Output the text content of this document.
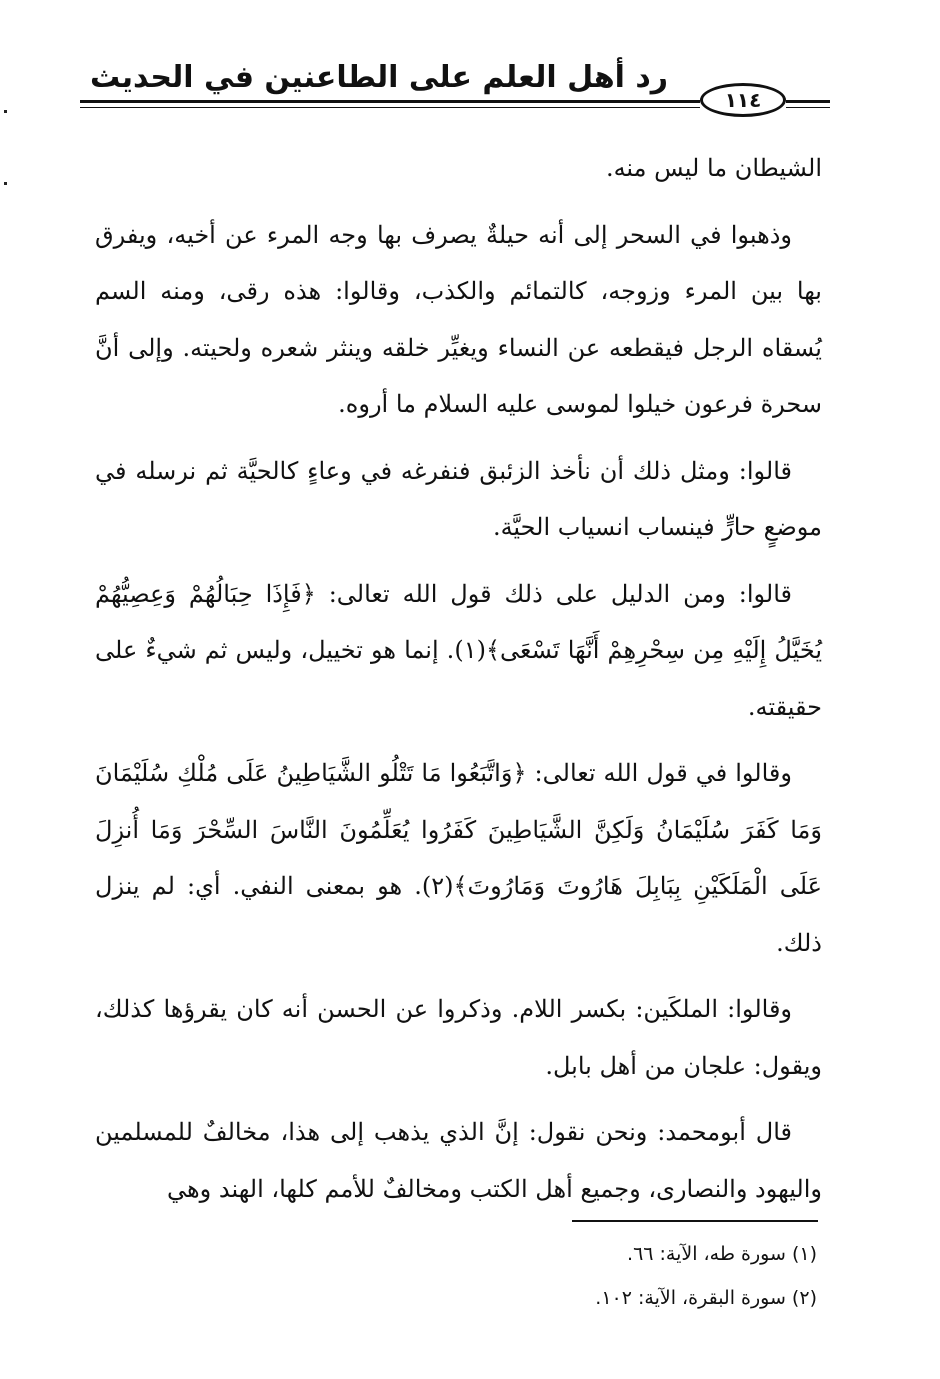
رد أهل العلم على الطاعنين في الحديث
١١٤

الشيطان ما ليس منه.

وذهبوا في السحر إلى أنه حيلةٌ يصرف بها وجه المرء عن أخيه، ويفرق بها بين المرء وزوجه، كالتمائم والكذب، وقالوا: هذه رقى، ومنه السم يُسقاه الرجل فيقطعه عن النساء ويغيِّر خلقه وينثر شعره ولحيته. وإلى أنَّ سحرة فرعون خيلوا لموسى عليه السلام ما أروه.

قالوا: ومثل ذلك أن نأخذ الزئبق فنفرغه في وعاءٍ كالحيَّة ثم نرسله في موضعٍ حارٍّ فينساب انسياب الحيَّة.

قالوا: ومن الدليل على ذلك قول الله تعالى: ﴿فَإِذَا حِبَالُهُمْ وَعِصِيُّهُمْ يُخَيَّلُ إِلَيْهِ مِن سِحْرِهِمْ أَنَّهَا تَسْعَى﴾(١). إنما هو تخييل، وليس ثم شيءٌ على حقيقته.

وقالوا في قول الله تعالى: ﴿وَاتَّبَعُوا مَا تَتْلُو الشَّيَاطِينُ عَلَى مُلْكِ سُلَيْمَانَ وَمَا كَفَرَ سُلَيْمَانُ وَلَكِنَّ الشَّيَاطِينَ كَفَرُوا يُعَلِّمُونَ النَّاسَ السِّحْرَ وَمَا أُنزِلَ عَلَى الْمَلَكَيْنِ بِبَابِلَ هَارُوتَ وَمَارُوتَ﴾(٢). هو بمعنى النفي. أي: لم ينزل ذلك.

وقالوا: الملكَين: بكسر اللام. وذكروا عن الحسن أنه كان يقرؤها كذلك، ويقول: علجان من أهل بابل.

قال أبومحمد: ونحن نقول: إنَّ الذي يذهب إلى هذا، مخالفٌ للمسلمين واليهود والنصارى، وجميع أهل الكتب ومخالفٌ للأمم كلها، الهند وهي

(١) سورة طه، الآية: ٦٦.
(٢) سورة البقرة، الآية: ١٠٢.
